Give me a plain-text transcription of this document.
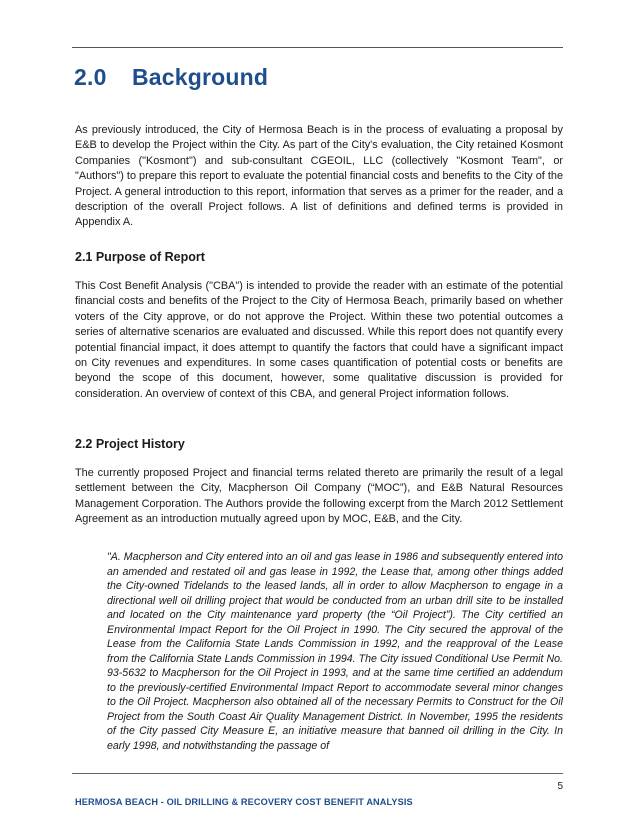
2.0 Background

As previously introduced, the City of Hermosa Beach is in the process of evaluating a proposal by E&B to develop the Project within the City. As part of the City's evaluation, the City retained Kosmont Companies ("Kosmont") and sub-consultant CGEOIL, LLC (collectively "Kosmont Team", or "Authors") to prepare this report to evaluate the potential financial costs and benefits to the City of the Project. A general introduction to this report, information that serves as a primer for the reader, and a description of the overall Project follows. A list of definitions and defined terms is provided in Appendix A.

2.1 Purpose of Report

This Cost Benefit Analysis ("CBA") is intended to provide the reader with an estimate of the potential financial costs and benefits of the Project to the City of Hermosa Beach, primarily based on whether voters of the City approve, or do not approve the Project. Within these two potential outcomes a series of alternative scenarios are evaluated and discussed. While this report does not quantify every potential financial impact, it does attempt to quantify the factors that could have a significant impact on City revenues and expenditures. In some cases quantification of potential costs or benefits are beyond the scope of this document, however, some qualitative discussion is provided for consideration. An overview of context of this CBA, and general Project information follows.

2.2 Project History

The currently proposed Project and financial terms related thereto are primarily the result of a legal settlement between the City, Macpherson Oil Company (“MOC”), and E&B Natural Resources Management Corporation. The Authors provide the following excerpt from the March 2012 Settlement Agreement as an introduction mutually agreed upon by MOC, E&B, and the City.

"A. Macpherson and City entered into an oil and gas lease in 1986 and subsequently entered into an amended and restated oil and gas lease in 1992, the Lease that, among other things added the City-owned Tidelands to the leased lands, all in order to allow Macpherson to engage in a directional well oil drilling project that would be conducted from an urban drill site to be installed and located on the City maintenance yard property (the “Oil Project”). The City certified an Environmental Impact Report for the Oil Project in 1990. The City secured the approval of the Lease from the California State Lands Commission in 1992, and the reapproval of the Lease from the California State Lands Commission in 1994. The City issued Conditional Use Permit No. 93-5632 to Macpherson for the Oil Project in 1993, and at the same time certified an addendum to the previously-certified Environmental Impact Report to accommodate several minor changes to the Oil Project. Macpherson also obtained all of the necessary Permits to Construct for the Oil Project from the South Coast Air Quality Management District. In November, 1995 the residents of the City passed City Measure E, an initiative measure that banned oil drilling in the City. In early 1998, and notwithstanding the passage of

5
HERMOSA BEACH - OIL DRILLING & RECOVERY COST BENEFIT ANALYSIS
